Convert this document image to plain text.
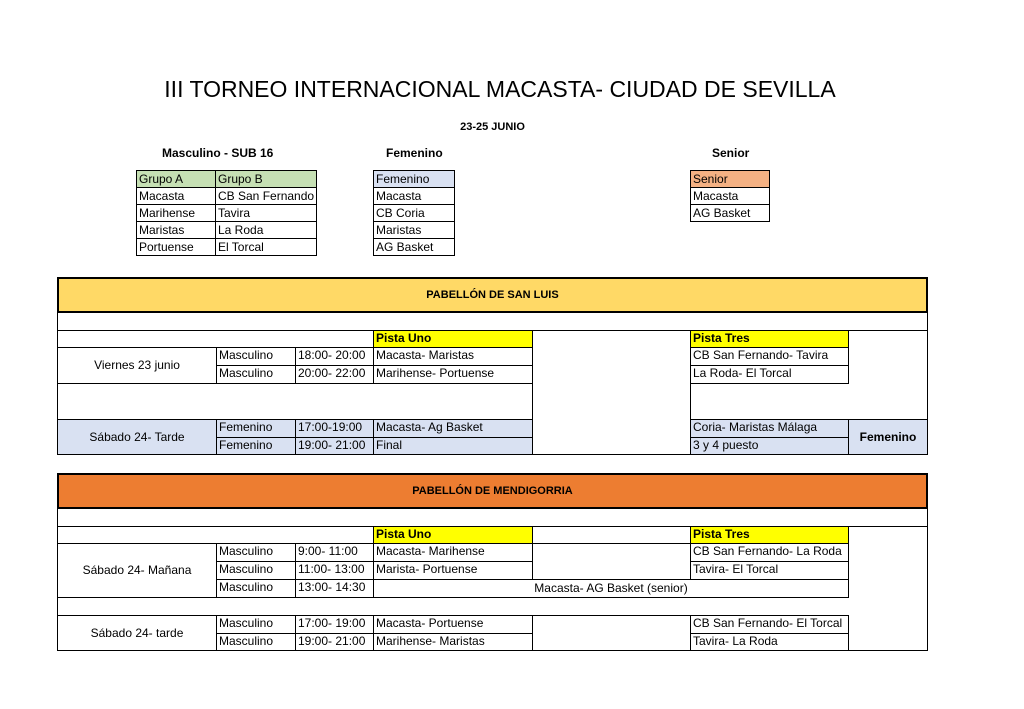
III TORNEO INTERNACIONAL MACASTA- CIUDAD DE SEVILLA
23-25 JUNIO
Masculino - SUB 16	Femenino	Senior
Grupo A	Grupo B
Macasta	CB San Fernando
Marihense	Tavira
Maristas	La Roda
Portuense	El Torcal
Femenino
Macasta
CB Coria
Maristas
AG Basket
Senior
Macasta
AG Basket
PABELLÓN DE SAN LUIS
Pista Uno	Pista Tres
Viernes 23 junio
Masculino	18:00- 20:00 Macasta- Maristas	CB San Fernando- Tavira
Masculino	20:00- 22:00 Marihense- Portuense	La Roda- El Torcal
Sábado 24- Tarde
Femenino	17:00-19:00	Macasta- Ag Basket	Coria- Maristas Málaga
Femenino	19:00- 21:00 Final	3 y 4 puesto
Femenino
PABELLÓN DE MENDIGORRIA
Pista Uno	Pista Tres
Sábado 24- Mañana
Masculino	9:00- 11:00	Macasta- Marihense	CB San Fernando- La Roda
Masculino	11:00- 13:00 Marista- Portuense	Tavira- El Torcal
Masculino	13:00- 14:30	Macasta- AG Basket (senior)
Sábado 24- tarde
Masculino	17:00- 19:00 Macasta- Portuense	CB San Fernando- El Torcal
Masculino	19:00- 21:00 Marihense- Maristas	Tavira- La Roda
